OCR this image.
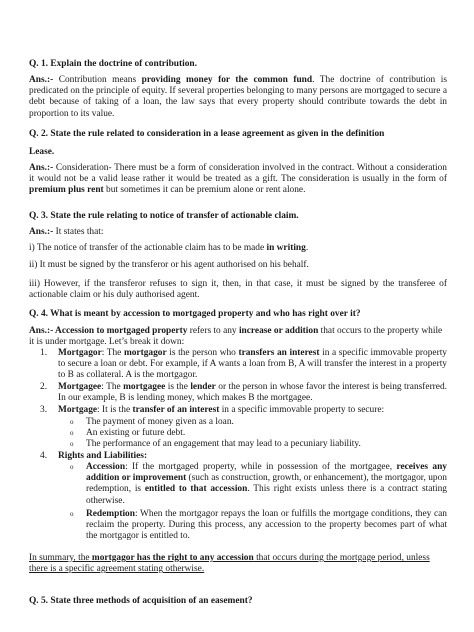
Q. 1. Explain the doctrine of contribution.
Ans.:- Contribution means providing money for the common fund. The doctrine of contribution is predicated on the principle of equity. If several properties belonging to many persons are mortgaged to secure a debt because of taking of a loan, the law says that every property should contribute towards the debt in proportion to its value.
Q. 2. State the rule related to consideration in a lease agreement as given in the definition
Lease.
Ans.:- Consideration- There must be a form of consideration involved in the contract. Without a consideration it would not be a valid lease rather it would be treated as a gift. The consideration is usually in the form of premium plus rent but sometimes it can be premium alone or rent alone.
Q. 3. State the rule relating to notice of transfer of actionable claim.
Ans.:- It states that:
i) The notice of transfer of the actionable claim has to be made in writing.
ii) It must be signed by the transferor or his agent authorised on his behalf.
iii) However, if the transferor refuses to sign it, then, in that case, it must be signed by the transferee of actionable claim or his duly authorised agent.
Q. 4. What is meant by accession to mortgaged property and who has right over it?
Ans.:- Accession to mortgaged property refers to any increase or addition that occurs to the property while it is under mortgage. Let’s break it down:
1.	Mortgagor: The mortgagor is the person who transfers an interest in a specific immovable property to secure a loan or debt. For example, if A wants a loan from B, A will transfer the interest in a property to B as collateral. A is the mortgagor.
2.	Mortgagee: The mortgagee is the lender or the person in whose favor the interest is being transferred. In our example, B is lending money, which makes B the mortgagee.
3.	Mortgage: It is the transfer of an interest in a specific immovable property to secure:
o The payment of money given as a loan.
o An existing or future debt.
o The performance of an engagement that may lead to a pecuniary liability.
4.	Rights and Liabilities:
o Accession: If the mortgaged property, while in possession of the mortgagee, receives any addition or improvement (such as construction, growth, or enhancement), the mortgagor, upon redemption, is entitled to that accession. This right exists unless there is a contract stating otherwise.
o Redemption: When the mortgagor repays the loan or fulfills the mortgage conditions, they can reclaim the property. During this process, any accession to the property becomes part of what the mortgagor is entitled to.
In summary, the mortgagor has the right to any accession that occurs during the mortgage period, unless there is a specific agreement stating otherwise.
Q. 5. State three methods of acquisition of an easement?
